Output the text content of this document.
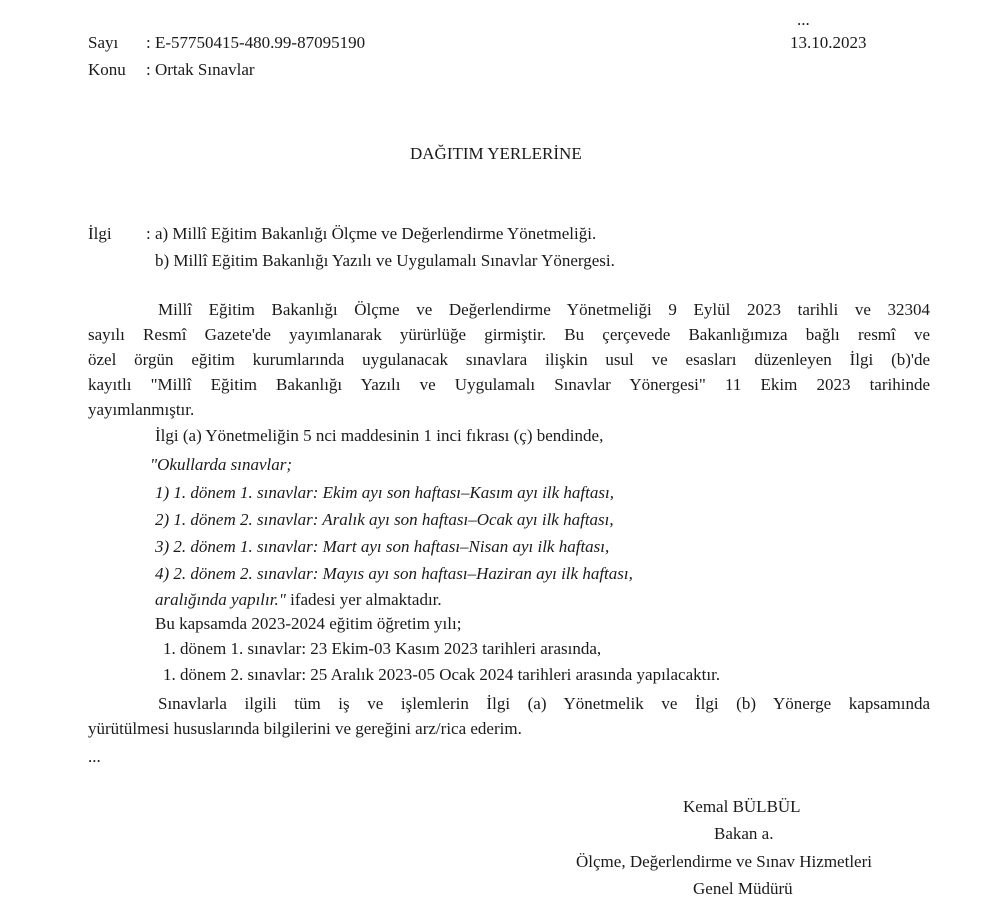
...
13.10.2023
Sayı : E-57750415-480.99-87095190
Konu : Ortak Sınavlar
DAĞITIM YERLERİNE
İlgi : a) Millî Eğitim Bakanlığı Ölçme ve Değerlendirme Yönetmeliği.
b) Millî Eğitim Bakanlığı Yazılı ve Uygulamalı Sınavlar Yönergesi.
Millî Eğitim Bakanlığı Ölçme ve Değerlendirme Yönetmeliği 9 Eylül 2023 tarihli ve 32304
sayılı Resmî Gazete'de yayımlanarak yürürlüğe girmiştir. Bu çerçevede Bakanlığımıza bağlı resmî ve
özel örgün eğitim kurumlarında uygulanacak sınavlara ilişkin usul ve esasları düzenleyen İlgi (b)'de
kayıtlı "Millî Eğitim Bakanlığı Yazılı ve Uygulamalı Sınavlar Yönergesi" 11 Ekim 2023 tarihinde
yayımlanmıştır.
İlgi (a) Yönetmeliğin 5 nci maddesinin 1 inci fıkrası (ç) bendinde,
"Okullarda sınavlar;
1) 1. dönem 1. sınavlar: Ekim ayı son haftası–Kasım ayı ilk haftası,
2) 1. dönem 2. sınavlar: Aralık ayı son haftası–Ocak ayı ilk haftası,
3) 2. dönem 1. sınavlar: Mart ayı son haftası–Nisan ayı ilk haftası,
4) 2. dönem 2. sınavlar: Mayıs ayı son haftası–Haziran ayı ilk haftası,
aralığında yapılır." ifadesi yer almaktadır.
Bu kapsamda 2023-2024 eğitim öğretim yılı;
1. dönem 1. sınavlar: 23 Ekim-03 Kasım 2023 tarihleri arasında,
1. dönem 2. sınavlar: 25 Aralık 2023-05 Ocak 2024 tarihleri arasında yapılacaktır.
Sınavlarla ilgili tüm iş ve işlemlerin İlgi (a) Yönetmelik ve İlgi (b) Yönerge kapsamında
yürütülmesi hususlarında bilgilerini ve gereğini arz/rica ederim.
...
Kemal BÜLBÜL
Bakan a.
Ölçme, Değerlendirme ve Sınav Hizmetleri
Genel Müdürü
